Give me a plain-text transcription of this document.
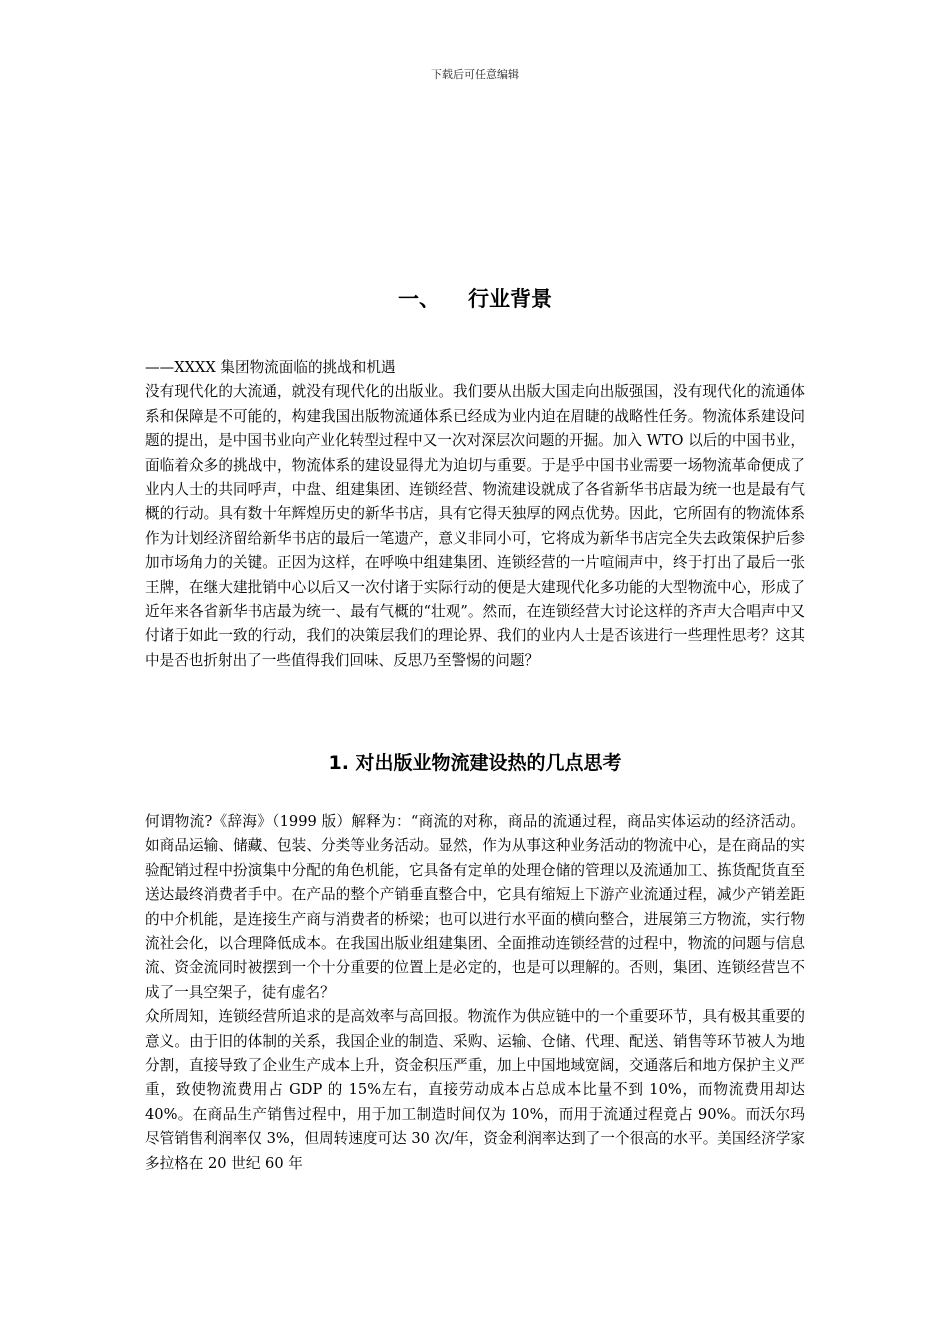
下载后可任意编辑
一、 行业背景

——XXXX 集团物流面临的挑战和机遇

没有现代化的大流通，就没有现代化的出版业。我们要从出版大国走向出版强国，没有现代化的流通体系和保障是不可能的，构建我国出版物流通体系已经成为业内迫在眉睫的战略性任务。物流体系建设问题的提出，是中国书业向产业化转型过程中又一次对深层次问题的开掘。加入 WTO 以后的中国书业，面临着众多的挑战中，物流体系的建设显得尤为迫切与重要。于是乎中国书业需要一场物流革命便成了业内人士的共同呼声，中盘、组建集团、连锁经营、物流建设就成了各省新华书店最为统一也是最有气概的行动。具有数十年辉煌历史的新华书店，具有它得天独厚的网点优势。因此，它所固有的物流体系作为计划经济留给新华书店的最后一笔遗产，意义非同小可，它将成为新华书店完全失去政策保护后参加市场角力的关键。正因为这样，在呼唤中组建集团、连锁经营的一片喧闹声中，终于打出了最后一张王牌，在继大建批销中心以后又一次付诸于实际行动的便是大建现代化多功能的大型物流中心，形成了近年来各省新华书店最为统一、最有气概的“壮观”。然而，在连锁经营大讨论这样的齐声大合唱声中又付诸于如此一致的行动，我们的决策层我们的理论界、我们的业内人士是否该进行一些理性思考？这其中是否也折射出了一些值得我们回味、反思乃至警惕的问题？

1. 对出版业物流建设热的几点思考

何谓物流?《辞海》（1999 版）解释为：“商流的对称，商品的流通过程，商品实体运动的经济活动。如商品运输、储藏、包装、分类等业务活动。显然，作为从事这种业务活动的物流中心，是在商品的实验配销过程中扮演集中分配的角色机能，它具备有定单的处理仓储的管理以及流通加工、拣货配货直至送达最终消费者手中。在产品的整个产销垂直整合中，它具有缩短上下游产业流通过程，减少产销差距的中介机能，是连接生产商与消费者的桥梁；也可以进行水平面的横向整合，进展第三方物流，实行物流社会化，以合理降低成本。在我国出版业组建集团、全面推动连锁经营的过程中，物流的问题与信息流、资金流同时被摆到一个十分重要的位置上是必定的，也是可以理解的。否则，集团、连锁经营岂不成了一具空架子，徒有虚名？

众所周知，连锁经营所追求的是高效率与高回报。物流作为供应链中的一个重要环节，具有极其重要的意义。由于旧的体制的关系，我国企业的制造、采购、运输、仓储、代理、配送、销售等环节被人为地分割，直接导致了企业生产成本上升，资金积压严重，加上中国地域宽阔，交通落后和地方保护主义严重，致使物流费用占 GDP 的 15%左右，直接劳动成本占总成本比量不到 10%，而物流费用却达 40%。在商品生产销售过程中，用于加工制造时间仅为 10%，而用于流通过程竟占 90%。而沃尔玛尽管销售利润率仅 3%，但周转速度可达 30 次/年，资金利润率达到了一个很高的水平。美国经济学家多拉格在 20 世纪 60 年
